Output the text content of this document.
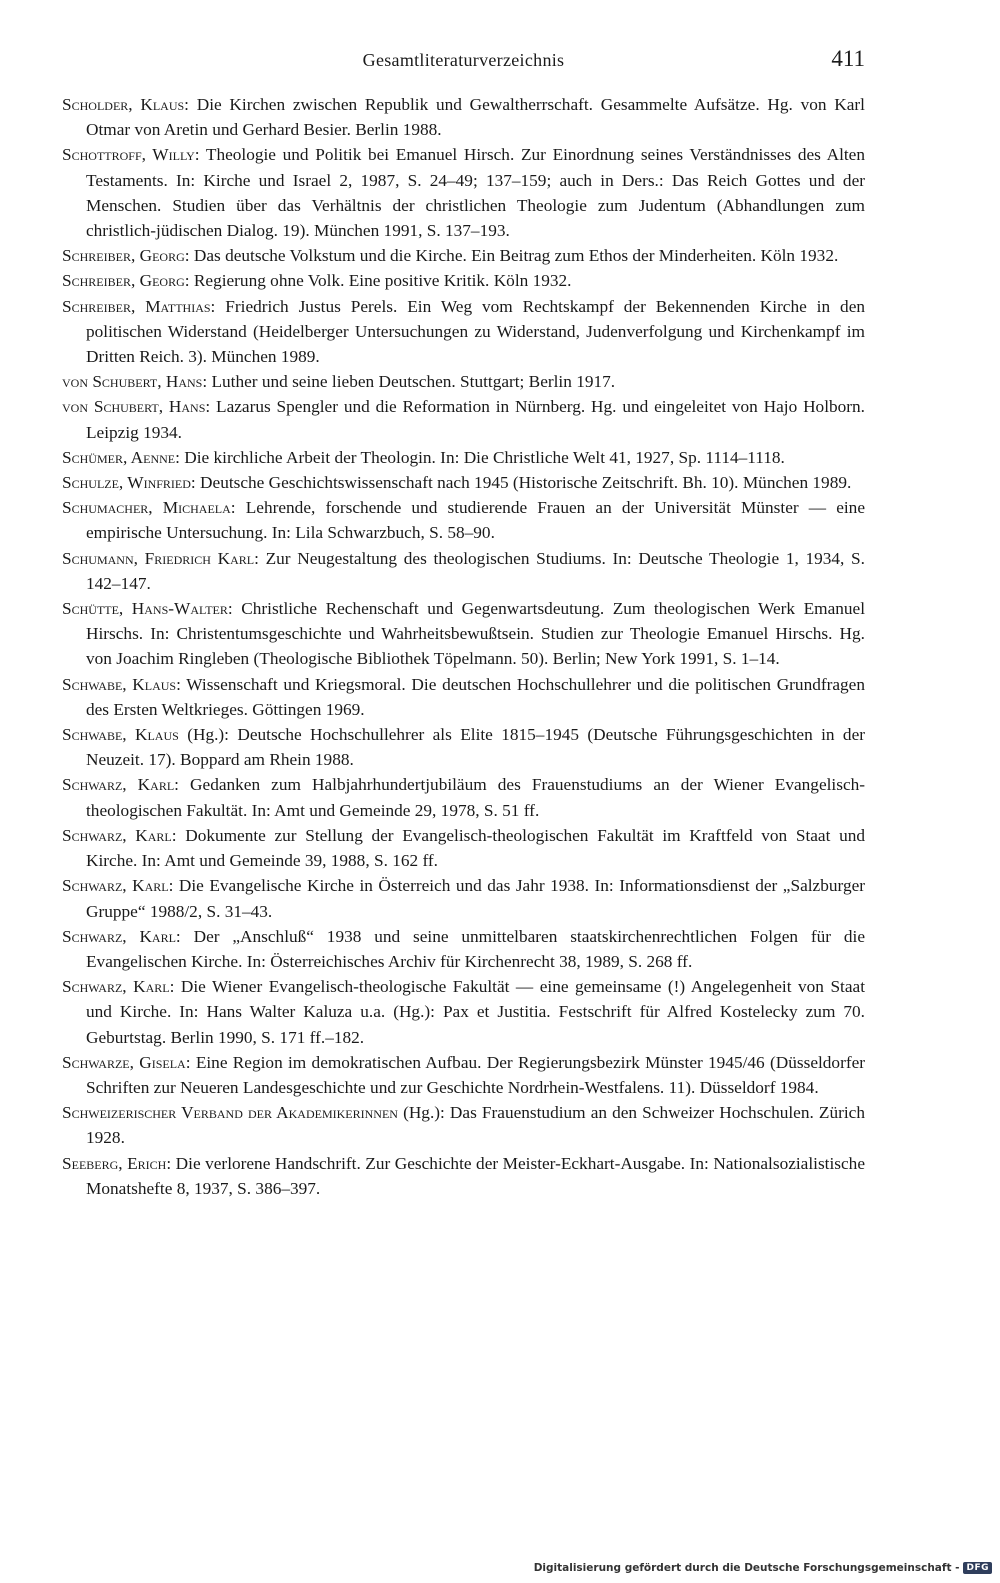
Gesamtliteraturverzeichnis	411
Scholder, Klaus: Die Kirchen zwischen Republik und Gewaltherrschaft. Gesammelte Aufsätze. Hg. von Karl Otmar von Aretin und Gerhard Besier. Berlin 1988.
Schottroff, Willy: Theologie und Politik bei Emanuel Hirsch. Zur Einordnung seines Verständnisses des Alten Testaments. In: Kirche und Israel 2, 1987, S. 24–49; 137–159; auch in Ders.: Das Reich Gottes und der Menschen. Studien über das Verhältnis der christlichen Theologie zum Judentum (Abhandlungen zum christlich-jüdischen Dialog. 19). München 1991, S. 137–193.
Schreiber, Georg: Das deutsche Volkstum und die Kirche. Ein Beitrag zum Ethos der Minderheiten. Köln 1932.
Schreiber, Georg: Regierung ohne Volk. Eine positive Kritik. Köln 1932.
Schreiber, Matthias: Friedrich Justus Perels. Ein Weg vom Rechtskampf der Bekennenden Kirche in den politischen Widerstand (Heidelberger Untersuchungen zu Widerstand, Judenverfolgung und Kirchenkampf im Dritten Reich. 3). München 1989.
von Schubert, Hans: Luther und seine lieben Deutschen. Stuttgart; Berlin 1917.
von Schubert, Hans: Lazarus Spengler und die Reformation in Nürnberg. Hg. und eingeleitet von Hajo Holborn. Leipzig 1934.
Schümer, Aenne: Die kirchliche Arbeit der Theologin. In: Die Christliche Welt 41, 1927, Sp. 1114–1118.
Schulze, Winfried: Deutsche Geschichtswissenschaft nach 1945 (Historische Zeitschrift. Bh. 10). München 1989.
Schumacher, Michaela: Lehrende, forschende und studierende Frauen an der Universität Münster — eine empirische Untersuchung. In: Lila Schwarzbuch, S. 58–90.
Schumann, Friedrich Karl: Zur Neugestaltung des theologischen Studiums. In: Deutsche Theologie 1, 1934, S. 142–147.
Schütte, Hans-Walter: Christliche Rechenschaft und Gegenwartsdeutung. Zum theologischen Werk Emanuel Hirschs. In: Christentumsgeschichte und Wahrheitsbewußtsein. Studien zur Theologie Emanuel Hirschs. Hg. von Joachim Ringleben (Theologische Bibliothek Töpelmann. 50). Berlin; New York 1991, S. 1–14.
Schwabe, Klaus: Wissenschaft und Kriegsmoral. Die deutschen Hochschullehrer und die politischen Grundfragen des Ersten Weltkrieges. Göttingen 1969.
Schwabe, Klaus (Hg.): Deutsche Hochschullehrer als Elite 1815–1945 (Deutsche Führungsgeschichten in der Neuzeit. 17). Boppard am Rhein 1988.
Schwarz, Karl: Gedanken zum Halbjahrhundertjubiläum des Frauenstudiums an der Wiener Evangelisch-theologischen Fakultät. In: Amt und Gemeinde 29, 1978, S. 51 ff.
Schwarz, Karl: Dokumente zur Stellung der Evangelisch-theologischen Fakultät im Kraftfeld von Staat und Kirche. In: Amt und Gemeinde 39, 1988, S. 162 ff.
Schwarz, Karl: Die Evangelische Kirche in Österreich und das Jahr 1938. In: Informationsdienst der „Salzburger Gruppe“ 1988/2, S. 31–43.
Schwarz, Karl: Der „Anschluß“ 1938 und seine unmittelbaren staatskirchenrechtlichen Folgen für die Evangelischen Kirche. In: Österreichisches Archiv für Kirchenrecht 38, 1989, S. 268 ff.
Schwarz, Karl: Die Wiener Evangelisch-theologische Fakultät — eine gemeinsame (!) Angelegenheit von Staat und Kirche. In: Hans Walter Kaluza u.a. (Hg.): Pax et Justitia. Festschrift für Alfred Kostelecky zum 70. Geburtstag. Berlin 1990, S. 171 ff.–182.
Schwarze, Gisela: Eine Region im demokratischen Aufbau. Der Regierungsbezirk Münster 1945/46 (Düsseldorfer Schriften zur Neueren Landesgeschichte und zur Geschichte Nordrhein-Westfalens. 11). Düsseldorf 1984.
Schweizerischer Verband der Akademikerinnen (Hg.): Das Frauenstudium an den Schweizer Hochschulen. Zürich 1928.
Seeberg, Erich: Die verlorene Handschrift. Zur Geschichte der Meister-Eckhart-Ausgabe. In: Nationalsozialistische Monatshefte 8, 1937, S. 386–397.
Digitalisierung gefördert durch die Deutsche Forschungsgemeinschaft - DFG
